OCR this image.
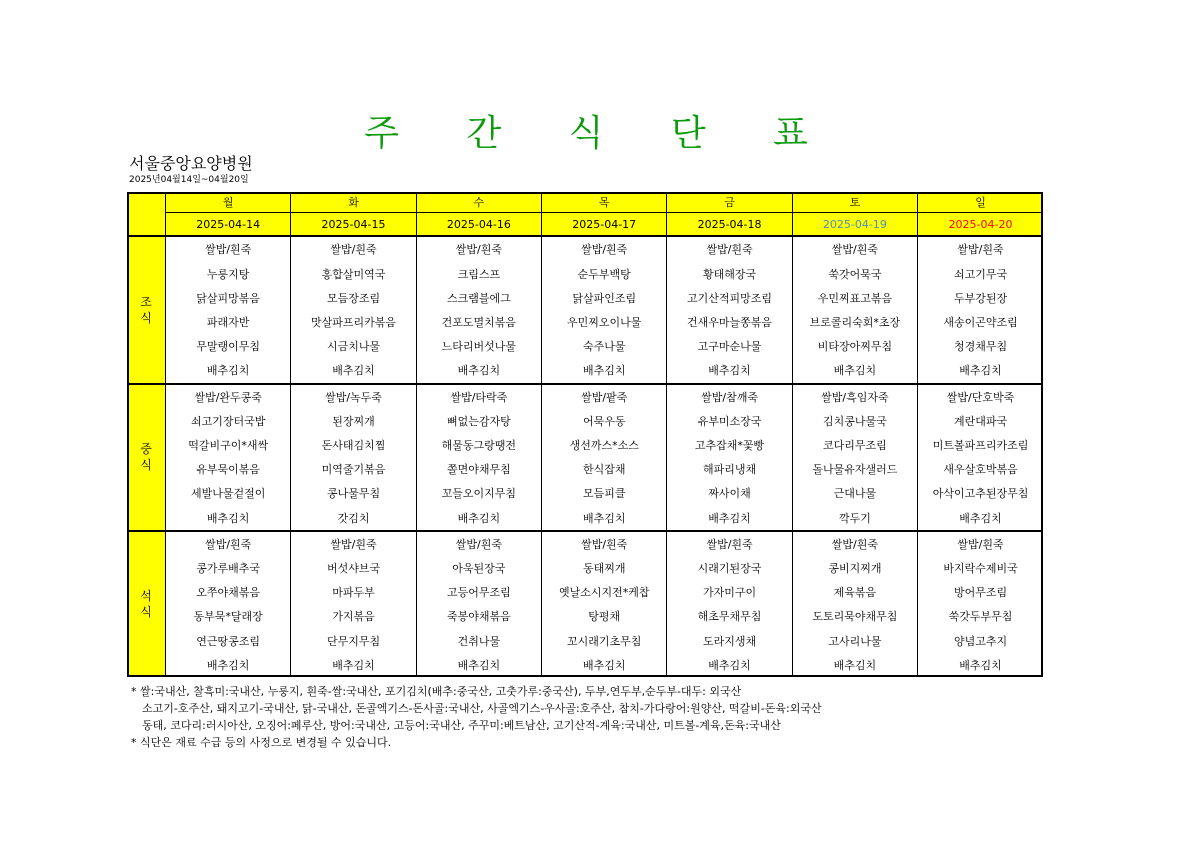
주 간 식 단 표
서울중앙요양병원
2025년04월14일~04월20일
	월	화	수	목	금	토	일
	2025-04-14	2025-04-15	2025-04-16	2025-04-17	2025-04-18	2025-04-19	2025-04-20
조
식	쌀밥/흰죽	쌀밥/흰죽	쌀밥/흰죽	쌀밥/흰죽	쌀밥/흰죽	쌀밥/흰죽	쌀밥/흰죽
	누룽지탕	홍합살미역국	크림스프	순두부백탕	황태해장국	쑥갓어묵국	쇠고기무국
	닭살피망볶음	모듬장조림	스크램블에그	닭살파인조림	고기산적피망조림	우민찌표고볶음	두부강된장
	파래자반	맛살파프리카볶음	건포도멸치볶음	우민찌오이나물	건새우마늘쫑볶음	브로콜리숙회*초장	새송이곤약조림
	무말랭이무침	시금치나물	느타리버섯나물	숙주나물	고구마순나물	비타장아찌무침	청경채무침
	배추김치	배추김치	배추김치	배추김치	배추김치	배추김치	배추김치
중
식	쌀밥/완두콩죽	쌀밥/녹두죽	쌀밥/타락죽	쌀밥/팥죽	쌀밥/참깨죽	쌀밥/흑임자죽	쌀밥/단호박죽
	쇠고기장터국밥	된장찌개	뼈없는감자탕	어묵우동	유부미소장국	김치콩나물국	계란대파국
	떡갈비구이*새싹	돈사태김치찜	해물동그랑땡전	생선까스*소스	고추잡채*꽃빵	코다리무조림	미트볼파프리카조림
	유부묵이볶음	미역줄기볶음	쫄면야채무침	한식잡채	해파리냉채	돌나물유자샐러드	새우살호박볶음
	세발나물겉절이	콩나물무침	꼬들오이지무침	모듬피클	짜사이채	근대나물	아삭이고추된장무침
	배추김치	갓김치	배추김치	배추김치	배추김치	깍두기	배추김치
석
식	쌀밥/흰죽	쌀밥/흰죽	쌀밥/흰죽	쌀밥/흰죽	쌀밥/흰죽	쌀밥/흰죽	쌀밥/흰죽
	콩가루배추국	버섯샤브국	아욱된장국	동태찌개	시래기된장국	콩비지찌개	바지락수제비국
	오쭈야채볶음	마파두부	고등어무조림	옛날소시지전*케찹	가자미구이	제육볶음	방어무조림
	동부묵*달래장	가지볶음	죽봉야채볶음	탕평채	해초무채무침	도토리묵야채무침	쑥갓두부무침
	연근땅콩조림	단무지무침	건취나물	꼬시래기초무침	도라지생채	고사리나물	양념고추지
	배추김치	배추김치	배추김치	배추김치	배추김치	배추김치	배추김치
* 쌀:국내산, 찰흑미:국내산, 누룽지, 흰죽-쌀:국내산, 포기김치(배추:중국산, 고춧가루:중국산), 두부,연두부,순두부-대두: 외국산
소고기-호주산, 돼지고기-국내산, 닭-국내산, 돈골엑기스-돈사골:국내산, 사골엑기스-우사골:호주산, 참치-가다랑어:원양산, 떡갈비-돈육:외국산
동태, 코다리:러시아산, 오징어:페루산, 방어:국내산, 고등어:국내산, 주꾸미:베트남산, 고기산적-계육:국내산, 미트볼-계육,돈육:국내산
* 식단은 재료 수급 등의 사정으로 변경될 수 있습니다.
